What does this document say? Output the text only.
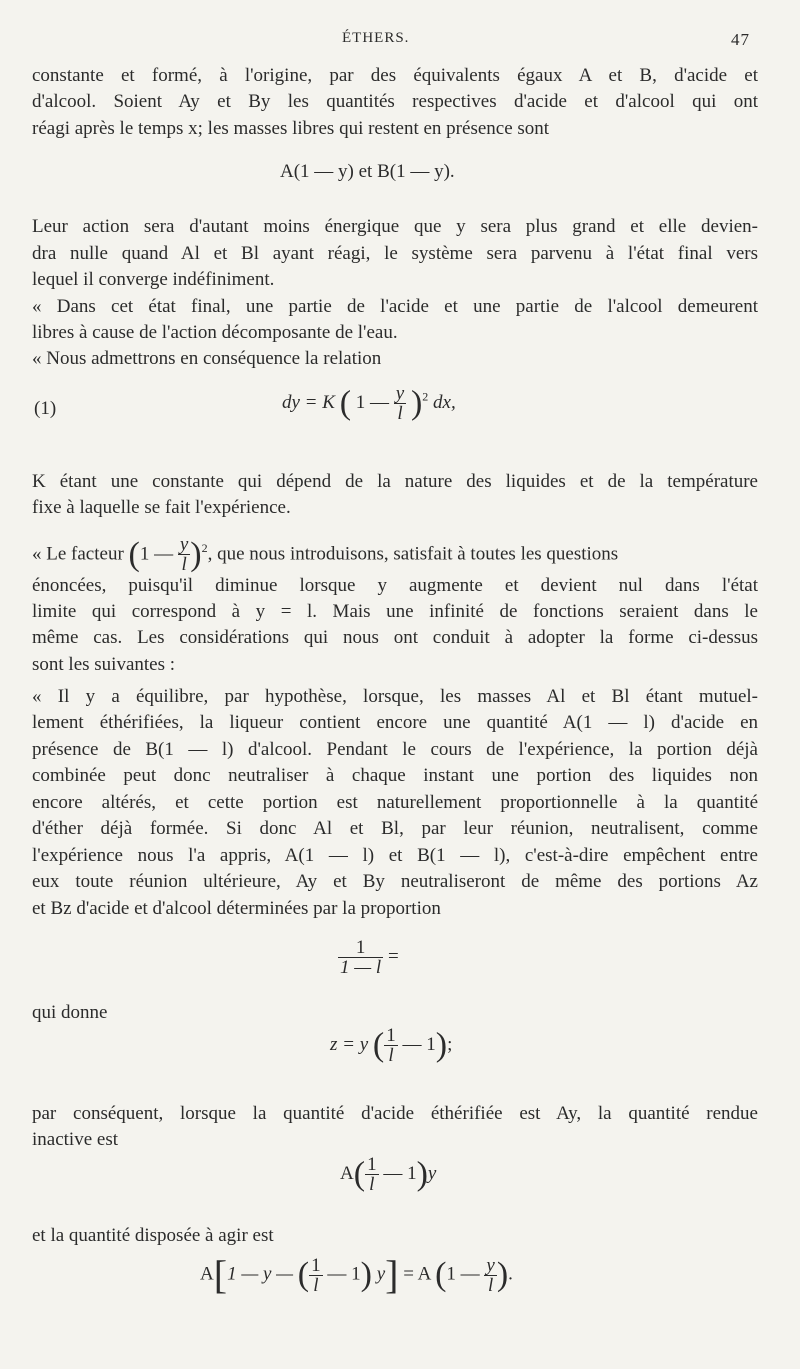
ÉTHERS.	47
constante et formé, à l'origine, par des équivalents égaux A et B, d'acide et
d'alcool. Soient Ay et By les quantités respectives d'acide et d'alcool qui ont
réagi après le temps x; les masses libres qui restent en présence sont
A(1 — y) et B(1 — y).
Leur action sera d'autant moins énergique que y sera plus grand et elle devien-
dra nulle quand Al et Bl ayant réagi, le système sera parvenu à l'état final vers
lequel il converge indéfiniment.
« Dans cet état final, une partie de l'acide et une partie de l'alcool demeurent
libres à cause de l'action décomposante de l'eau.
« Nous admettrons en conséquence la relation
(1)	dy = K ( 1 — $\frac{y}{l} )^2$ dx,
K étant une constante qui dépend de la nature des liquides et de la température
fixe à laquelle se fait l'expérience.
« Le facteur (1 — $\frac{y}{l} )^2$, que nous introduisons, satisfait à toutes les questions
énoncées, puisqu'il diminue lorsque y augmente et devient nul dans l'état
limite qui correspond à y = l. Mais une infinité de fonctions seraient dans le
même cas. Les considérations qui nous ont conduit à adopter la forme ci-dessus
sont les suivantes :
« Il y a équilibre, par hypothèse, lorsque, les masses Al et Bl étant mutuel-
lement éthérifiées, la liqueur contient encore une quantité A(1 — l) d'acide en
présence de B(1 — l) d'alcool. Pendant le cours de l'expérience, la portion déjà
combinée peut donc neutraliser à chaque instant une portion des liquides non
encore altérés, et cette portion est naturellement proportionnelle à la quantité
d'éther déjà formée. Si donc Al et Bl, par leur réunion, neutralisent, comme
l'expérience nous l'a appris, A(1 — l) et B(1 — l), c'est-à-dire empêchent entre
eux toute réunion ultérieure, Ay et By neutraliseront de même des portions Az
et Bz d'acide et d'alcool déterminées par la proportion
$\frac{1}{1 — l}$ =
qui donne
z = y ( $\frac{1}{l}$ — 1);
par conséquent, lorsque la quantité d'acide éthérifiée est Ay, la quantité rendue
inactive est
$A( \frac{1}{l}$ — 1)y
et la quantité disposée à agir est
A[1 — y — ( $\frac{1}{l}$ — 1) y] = A (1 — $\frac{y}{l}$ ).
